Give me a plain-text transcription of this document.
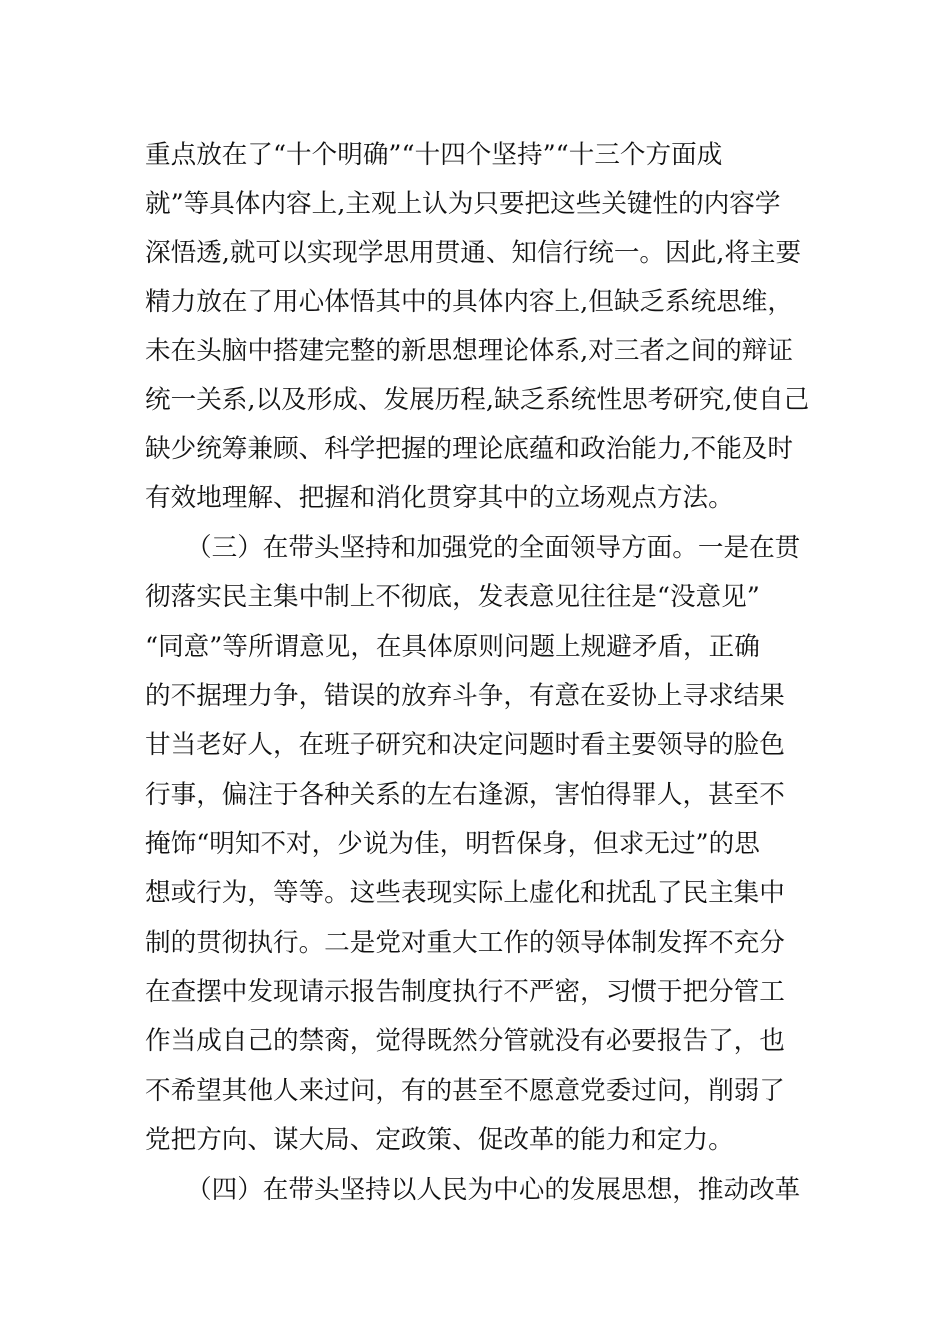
重点放在了“十个明确”“十四个坚持”“十三个方面成
就”等具体内容上,主观上认为只要把这些关键性的内容学
深悟透,就可以实现学思用贯通、知信行统一。因此,将主要
精力放在了用心体悟其中的具体内容上,但缺乏系统思维，
未在头脑中搭建完整的新思想理论体系,对三者之间的辩证
统一关系,以及形成、发展历程,缺乏系统性思考研究,使自己
缺少统筹兼顾、科学把握的理论底蕴和政治能力,不能及时
有效地理解、把握和消化贯穿其中的立场观点方法。
（三）在带头坚持和加强党的全面领导方面。一是在贯
彻落实民主集中制上不彻底，发表意见往往是“没意见”
“同意”等所谓意见，在具体原则问题上规避矛盾，正确
的不据理力争，错误的放弃斗争，有意在妥协上寻求结果
甘当老好人，在班子研究和决定问题时看主要领导的脸色
行事，偏注于各种关系的左右逢源，害怕得罪人，甚至不
掩饰“明知不对，少说为佳，明哲保身，但求无过”的思
想或行为，等等。这些表现实际上虚化和扰乱了民主集中
制的贯彻执行。二是党对重大工作的领导体制发挥不充分
在查摆中发现请示报告制度执行不严密，习惯于把分管工
作当成自己的禁脔，觉得既然分管就没有必要报告了，也
不希望其他人来过问，有的甚至不愿意党委过问，削弱了
党把方向、谋大局、定政策、促改革的能力和定力。
（四）在带头坚持以人民为中心的发展思想，推动改革
